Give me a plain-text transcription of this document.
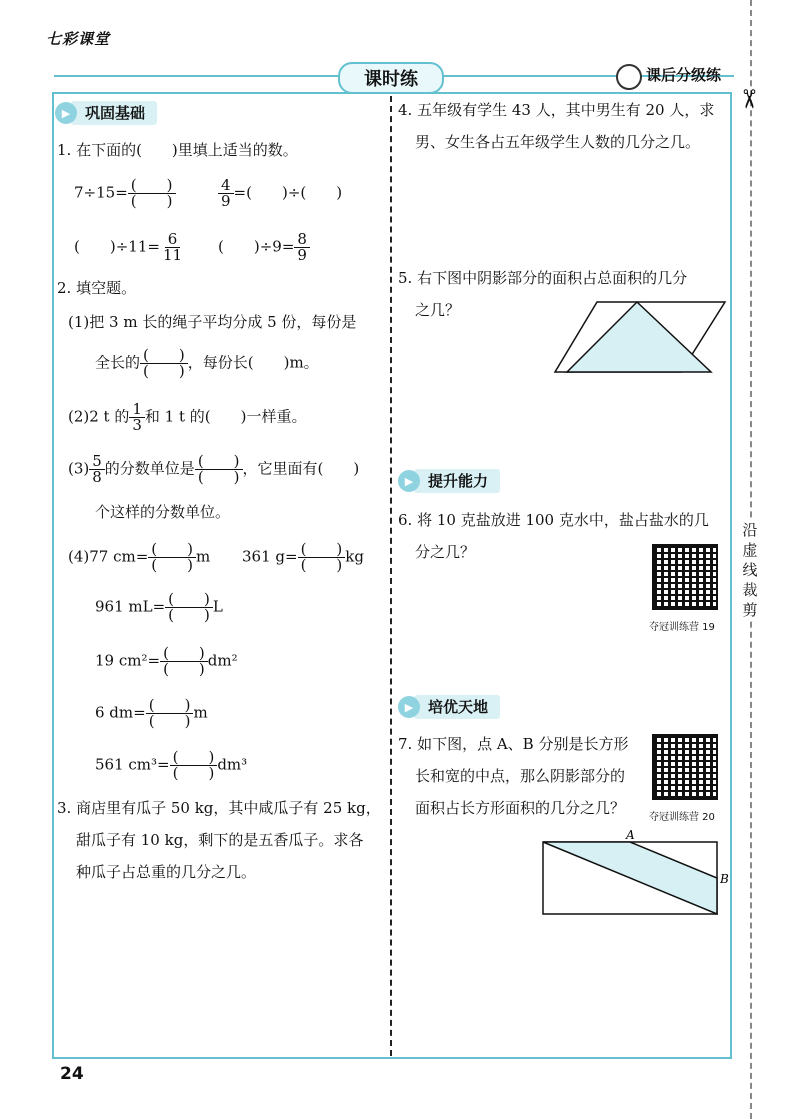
七彩课堂
课时练	课后分级练
✂
沿虚线裁剪
▶ 巩固基础
1. 在下面的(　　)里填上适当的数。
$7\div 15= \frac{( )}{( )}$	$\frac{4}{9}$ =(　　)÷(　　)
(　　)$\div 11= \frac{6}{11}$ (　　)$\div 9= \frac{8}{9}$
2. 填空题。
(1)把 3 m 长的绳子平均分成 5 份，每份是
全长的 $\frac{( )}{( )}$ ，每份长(　　)m。
(2)2 t 的 $\frac{1}{3}$ 和 1 t 的(　　)一样重。
$(3) \frac{5}{8}$ 的分数单位是 $\frac{( )}{( )}$ ，它里面有(　　)
个这样的分数单位。
(4)77 $cm= \frac{( )}{( )}$ m 361 $g= \frac{( )}{( )}$ kg
961 $mL= \frac{( )}{( )}$ L
19 $cm^2= \frac{( )}{( )} dm^2$
6 $dm= \frac{( )}{( )}$ m
561 $cm^3= \frac{( )}{( )} dm^3$
3. 商店里有瓜子 50 kg，其中咸瓜子有 25 kg，
甜瓜子有 10 kg，剩下的是五香瓜子。求各
种瓜子占总重的几分之几。
4. 五年级有学生 43 人，其中男生有 20 人，求
男、女生各占五年级学生人数的几分之几。
5. 右下图中阴影部分的面积占总面积的几分
之几？
▶ 提升能力
6. 将 10 克盐放进 100 克水中，盐占盐水的几
分之几？
夺冠训练营 19
▶ 培优天地
7. 如下图，点 A、B 分别是长方形
长和宽的中点，那么阴影部分的
面积占长方形面积的几分之几？
夺冠训练营 20
A
B
24
